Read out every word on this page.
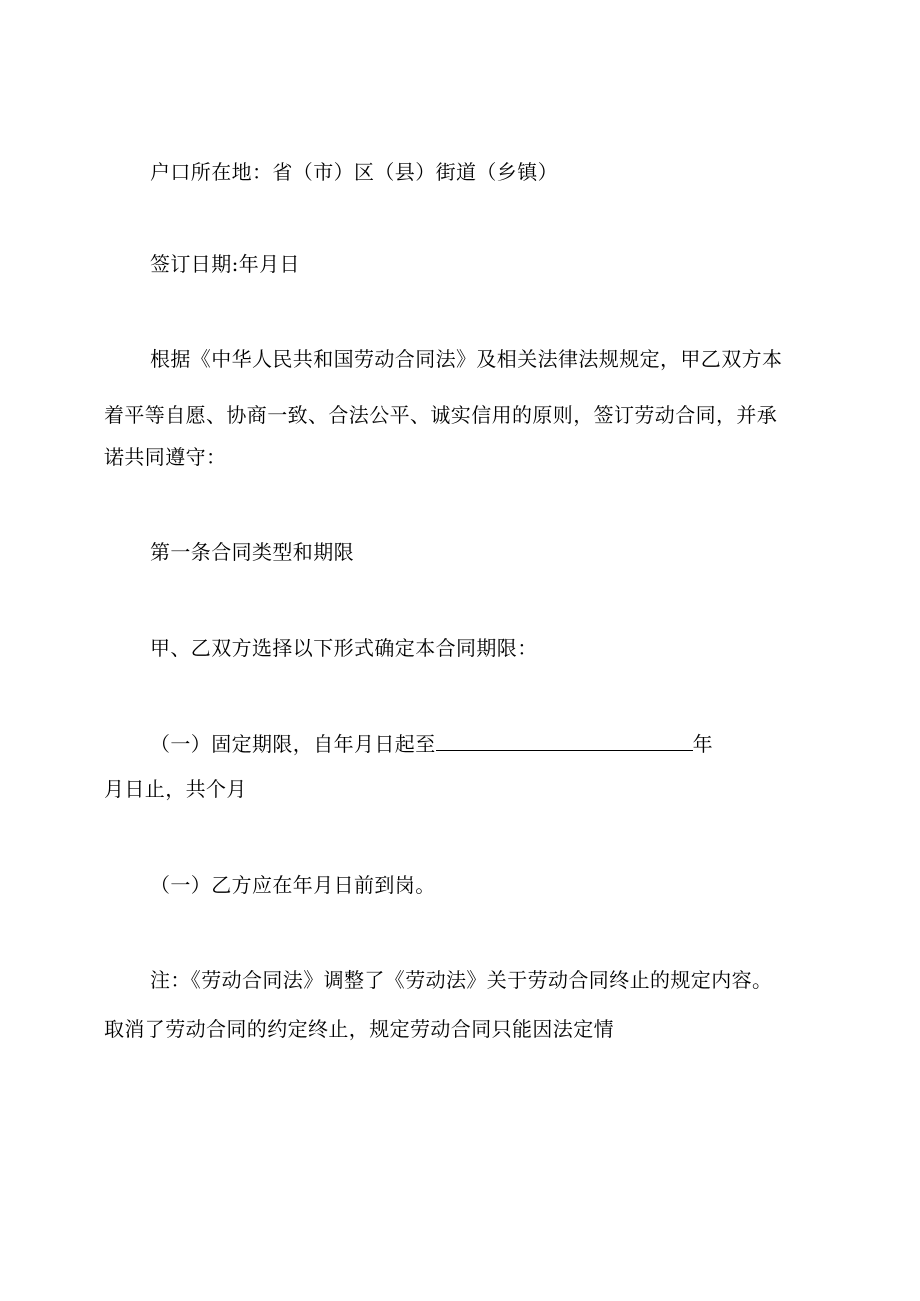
户口所在地：省（市）区（县）街道（乡镇）
签订日期:年月日
根据《中华人民共和国劳动合同法》及相关法律法规规定，甲乙双方本
着平等自愿、协商一致、合法公平、诚实信用的原则，签订劳动合同，并承
诺共同遵守：
第一条合同类型和期限
甲、乙双方选择以下形式确定本合同期限：
（一）固定期限，自年月日起至	年
月日止，共个月
（一）乙方应在年月日前到岗。
注：《劳动合同法》调整了《劳动法》关于劳动合同终止的规定内容。
取消了劳动合同的约定终止，规定劳动合同只能因法定情
